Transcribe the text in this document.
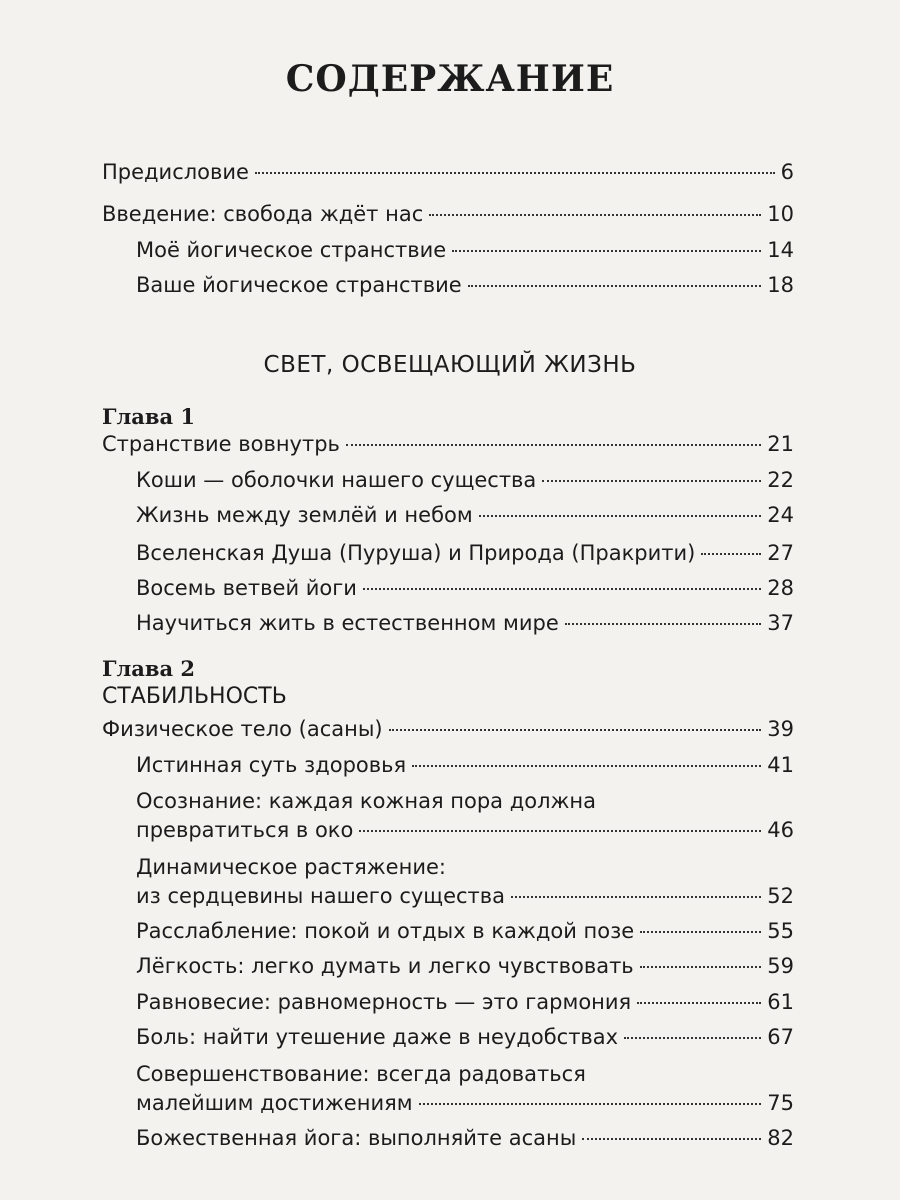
СОДЕРЖАНИЕ
Предисловие	6
Введение: свобода ждёт нас	10
Моё йогическое странствие	14
Ваше йогическое странствие	18
СВЕТ, ОСВЕЩАЮЩИЙ ЖИЗНЬ
Глава 1
Странствие вовнутрь	21
Коши — оболочки нашего существа	22
Жизнь между землёй и небом	24
Вселенская Душа (Пуруша) и Природа (Пракрити)	27
Восемь ветвей йоги	28
Научиться жить в естественном мире	37
Глава 2
СТАБИЛЬНОСТЬ
Физическое тело (асаны)	39
Истинная суть здоровья	41
Осознание: каждая кожная пора должна
превратиться в око	46
Динамическое растяжение:
из сердцевины нашего существа	52
Расслабление: покой и отдых в каждой позе	55
Лёгкость: легко думать и легко чувствовать	59
Равновесие: равномерность — это гармония	61
Боль: найти утешение даже в неудобствах	67
Совершенствование: всегда радоваться
малейшим достижениям	75
Божественная йога: выполняйте асаны	82
